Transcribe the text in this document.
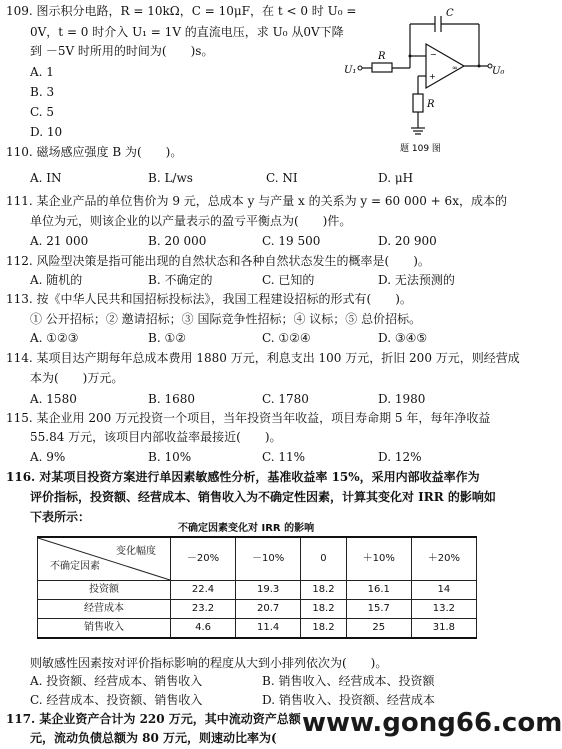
109. 图示积分电路，R = 10kΩ，C = 10μF，在 t < 0 时 U₀ =
0V，t = 0 时介入 U₁ = 1V 的直流电压，求 U₀ 从0V下降
到 －5V 时所用的时间为(　　)s。
A. 1
B. 3
C. 5
D. 10
−
+
∞
C
R
U₁
R
U₀
题 109 图
110. 磁场感应强度 B 为(　　)。
A. IN	B. L/ws	C. NI	D. μH
111. 某企业产品的单位售价为 9 元，总成本 y 与产量 x 的关系为 y = 60 000 + 6x，成本的
单位为元，则该企业的以产量表示的盈亏平衡点为(　　)件。
A. 21 000	B. 20 000	C. 19 500	D. 20 900
112. 风险型决策是指可能出现的自然状态和各种自然状态发生的概率是(　　)。
A. 随机的	B. 不确定的	C. 已知的	D. 无法预测的
113. 按《中华人民共和国招标投标法》，我国工程建设招标的形式有(　　)。
① 公开招标；② 邀请招标；③ 国际竞争性招标；④ 议标；⑤ 总价招标。
A. ①②③	B. ①②	C. ①②④	D. ③④⑤
114. 某项目达产期每年总成本费用 1880 万元，利息支出 100 万元，折旧 200 万元，则经营成
本为(　　)万元。
A. 1580	B. 1680	C. 1780	D. 1980
115. 某企业用 200 万元投资一个项目，当年投资当年收益，项目寿命期 5 年，每年净收益
55.84 万元，该项目内部收益率最接近(　　)。
A. 9%	B. 10%	C. 11%	D. 12%
116. 对某项目投资方案进行单因素敏感性分析，基准收益率 15%，采用内部收益率作为
评价指标，投资额、经营成本、销售收入为不确定性因素，计算其变化对 IRR 的影响如
下表所示：
不确定因素变化对 IRR 的影响
变化幅度
不确定因素	－20%	－10%	0	＋10%	＋20%
投资额	22.4	19.3	18.2	16.1	14
经营成本	23.2	20.7	18.2	15.7	13.2
销售收入	4.6	11.4	18.2	25	31.8
则敏感性因素按对评价指标影响的程度从大到小排列依次为(　　)。
A. 投资额、经营成本、销售收入	B. 销售收入、经营成本、投资额
C. 经营成本、投资额、销售收入	D. 销售收入、投资额、经营成本
117. 某企业资产合计为 220 万元，其中流动资产总额
元，流动负债总额为 80 万元，则速动比率为( www.gong66.com
